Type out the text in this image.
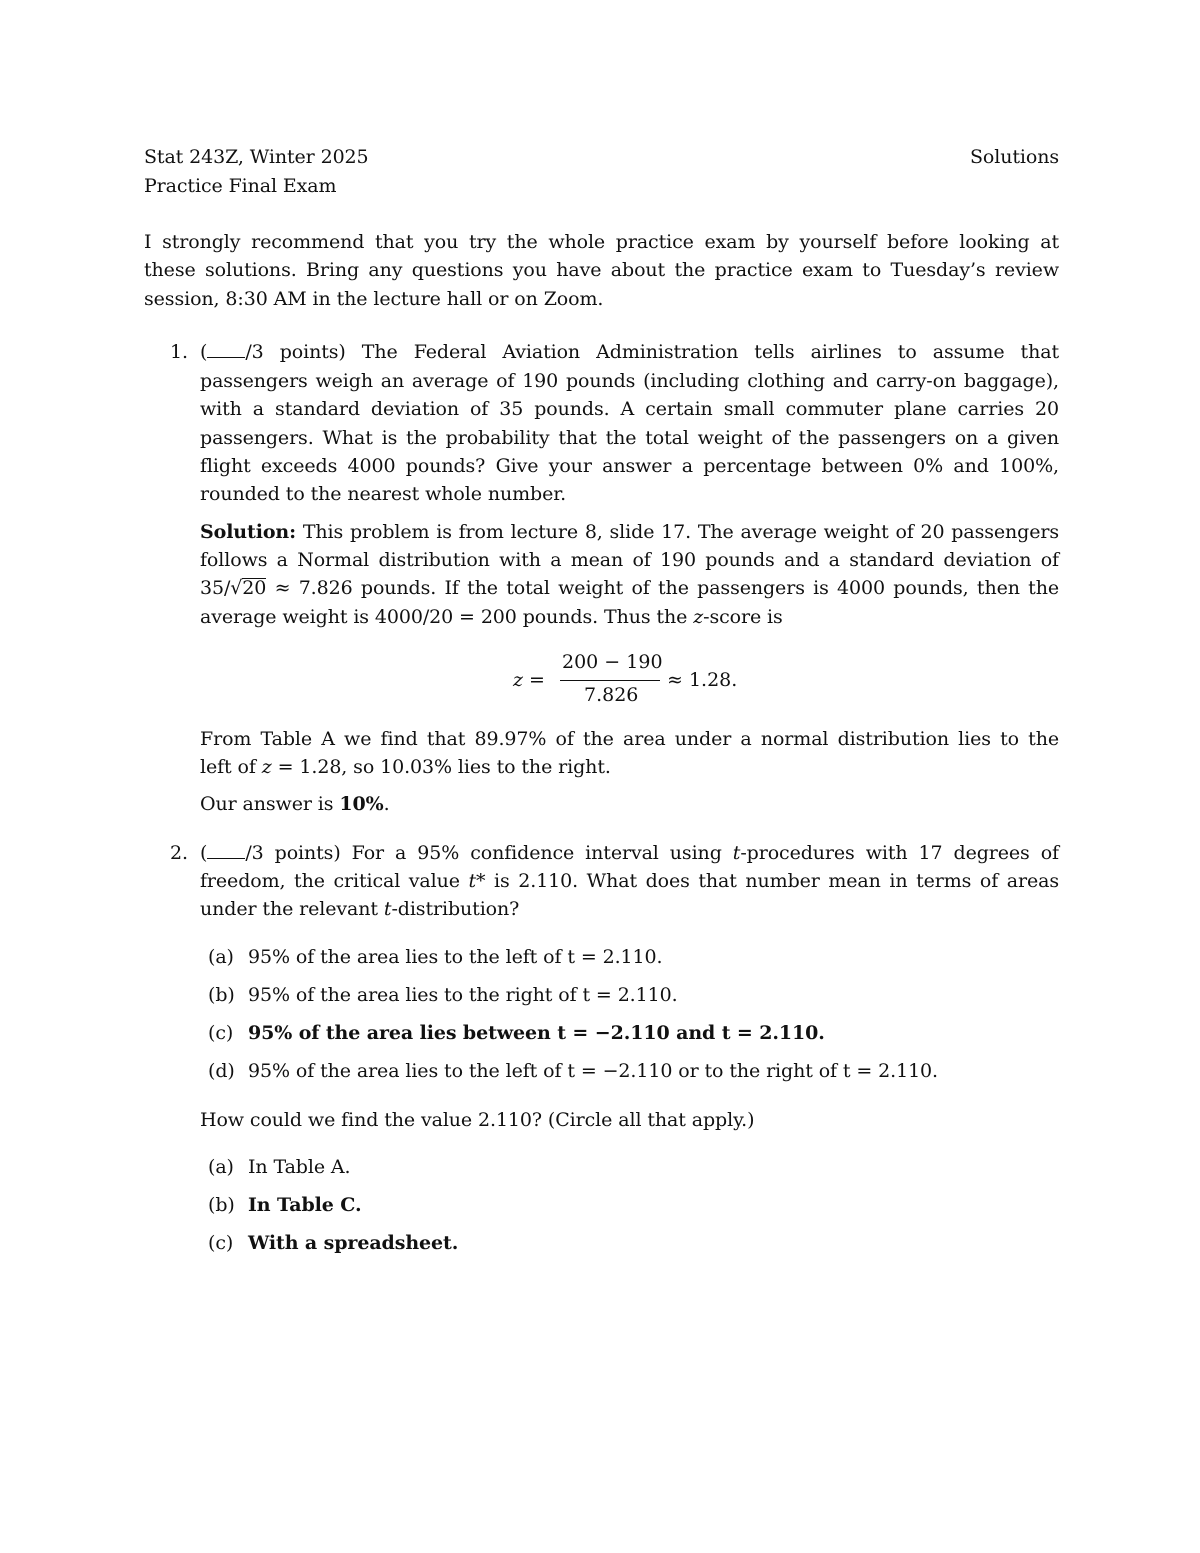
Stat 243Z, Winter 2025	Solutions
Practice Final Exam
I strongly recommend that you try the whole practice exam by yourself before looking at
these solutions. Bring any questions you have about the practice exam to Tuesday’s review
session, 8:30 AM in the lecture hall or on Zoom.
1. ( /3 points) The Federal Aviation Administration tells airlines to assume that
passengers weigh an average of 190 pounds (including clothing and carry-on baggage),
with a standard deviation of 35 pounds. A certain small commuter plane carries 20
passengers. What is the probability that the total weight of the passengers on a given
flight exceeds 4000 pounds? Give your answer a percentage between 0% and 100%,
rounded to the nearest whole number.
Solution: This problem is from lecture 8, slide 17. The average weight of 20 passengers
follows a Normal distribution with a mean of 190 pounds and a standard deviation of
35/√20 ≈ 7.826 pounds. If the total weight of the passengers is 4000 pounds, then the
average weight is 4000/20 = 200 pounds. Thus the z-score is
z =
200 − 190
7.826
≈ 1.28.
From Table A we find that 89.97% of the area under a normal distribution lies to the
left of z = 1.28, so 10.03% lies to the right.
Our answer is 10%.
2. ( /3 points) For a 95% confidence interval using t-procedures with 17 degrees of
freedom, the critical value t* is 2.110. What does that number mean in terms of areas
under the relevant t-distribution?
(a) 95% of the area lies to the left of t = 2.110.
(b) 95% of the area lies to the right of t = 2.110.
(c) 95% of the area lies between t = −2.110 and t = 2.110.
(d) 95% of the area lies to the left of t = −2.110 or to the right of t = 2.110.
How could we find the value 2.110? (Circle all that apply.)
(a) In Table A.
(b) In Table C.
(c) With a spreadsheet.
